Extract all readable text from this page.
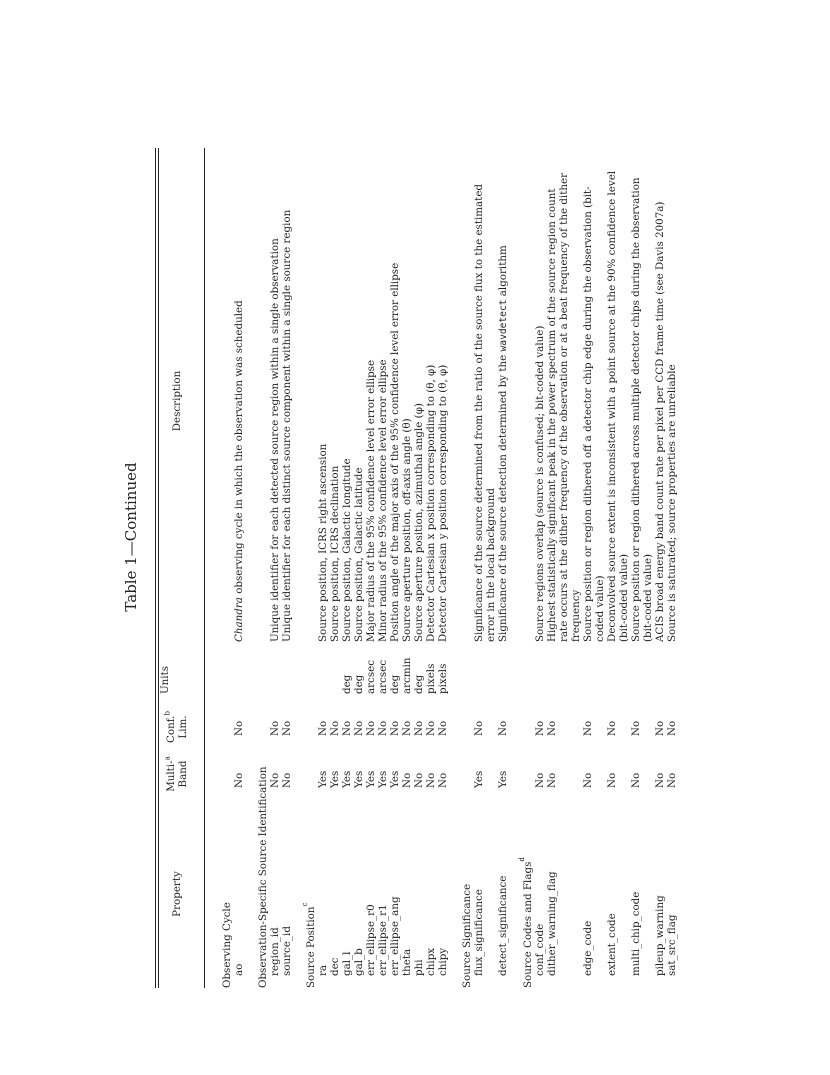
Table 1—Continued
Property
Multi-$^a$
Band
Conf.$^b$
Lim.
Units
Description
Observing Cycle ao
No
No
Chandra observing cycle in which the observation was scheduled
Observation-Specific Source Identification region_id
No
No
Unique identifier for each detected source region within a single observation
source_id
No
No
Unique identifier for each distinct source component within a single source region
Source Position
c
ra
Yes
No
Source position, ICRS right ascension
dec
Yes
No
Source position, ICRS declination
gal_l
Yes
No
deg
Source position, Galactic longitude
gal_b
Yes
No
deg
Source position, Galactic latitude
err_ellipse_r0
Yes
No
arcsec
Major radius of the 95% confidence level error ellipse
err_ellipse_r1
Yes
No
arcsec
Minor radius of the 95% confidence level error ellipse
err_ellipse_ang
Yes
No
deg
Position angle of the major axis of the 95% confidence level error ellipse
theta
No
No
arcmin
Source aperture position, off-axis angle (θ)
phi
No
No
deg
Source aperture position, azimuthal angle (φ)
chipx
No
No
pixels
Detector Cartesian x position corresponding to (θ, φ)
chipy
No
No
pixels
Detector Cartesian y position corresponding to (θ, φ)
Source Significance flux_significance
Yes
No
Significance of the source determined from the ratio of the source flux to the estimated error in the local background
detect_significance
Yes
No
Significance of the source detection determined by the wavdetect algorithm
Source Codes and Flags
d
conf_code
No
No
Source regions overlap (source is confused; bit-coded value)
dither_warning_flag
No
No
Highest statistically significant peak in the power spectrum of the source region count rate occurs at the dither frequency of the observation or at a beat frequency of the dither frequency
edge_code
No
No
Source position or region dithered off a detector chip edge during the observation (bit- coded value)
extent_code
No
No
Deconvolved source extent is inconsistent with a point source at the 90% confidence level (bit-coded value)
multi_chip_code
No
No
Source position or region dithered across multiple detector chips during the observation (bit-coded value)
pileup_warning
No
No
ACIS broad energy band count rate per pixel per CCD frame time (see Davis 2007a)
sat_src_flag
No
No
Source is saturated; source properties are unreliable
